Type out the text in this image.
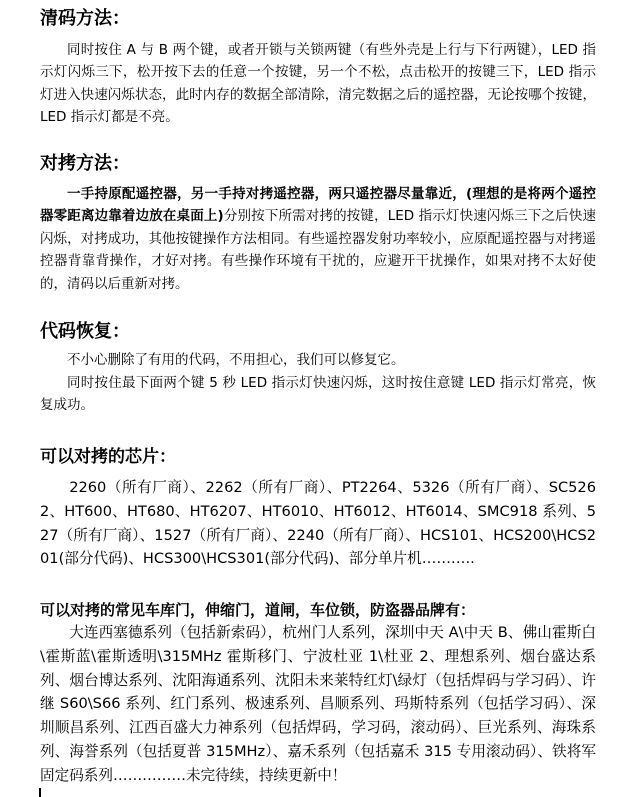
清码方法：
同时按住 A 与 B 两个键，或者开锁与关锁两键（有些外壳是上行与下行两键），LED 指示灯闪烁三下，松开按下去的任意一个按键，另一个不松，点击松开的按键三下，LED 指示灯进入快速闪烁状态，此时内存的数据全部清除，清完数据之后的遥控器，无论按哪个按键，LED 指示灯都是不亮。
对拷方法：
一手持原配遥控器，另一手持对拷遥控器，两只遥控器尽量靠近，(理想的是将两个遥控器零距离边靠着边放在桌面上)分别按下所需对拷的按键，LED 指示灯快速闪烁三下之后快速闪烁，对拷成功，其他按键操作方法相同。有些遥控器发射功率较小，应原配遥控器与对拷遥控器背靠背操作，才好对拷。有些操作环境有干扰的，应避开干扰操作，如果对拷不太好使的，清码以后重新对拷。
代码恢复：
不小心删除了有用的代码，不用担心，我们可以修复它。
同时按住最下面两个键 5 秒 LED 指示灯快速闪烁，这时按住意键 LED 指示灯常亮，恢复成功。
可以对拷的芯片：
2260（所有厂商）、2262（所有厂商）、PT2264、5326（所有厂商）、SC5262、HT600、HT680、HT6207、HT6010、HT6012、HT6014、SMC918 系列、527（所有厂商）、1527（所有厂商）、2240（所有厂商）、HCS101、HCS200\HCS201(部分代码)、HCS300\HCS301(部分代码)、部分单片机………..
可以对拷的常见车库门，伸缩门，道闸，车位锁，防盗器品牌有：
大连西塞德系列（包括新索码），杭州门人系列，深圳中天 A\中天 B、佛山霍斯白\霍斯蓝\霍斯透明\315MHz 霍斯移门、宁波杜亚 1\杜亚 2、理想系列、烟台盛达系列、烟台博达系列、沈阳海通系列、沈阳未来莱特红灯\绿灯（包括焊码与学习码）、许继 S60\S66 系列、红门系列、极速系列、昌顺系列、玛斯特系列（包括学习码）、深圳顺昌系列、江西百盛大力神系列（包括焊码，学习码，滚动码）、巨光系列、海珠系列、海誉系列（包括夏普 315MHz）、嘉禾系列（包括嘉禾 315 专用滚动码）、铁将军固定码系列……………未完待续，持续更新中！
